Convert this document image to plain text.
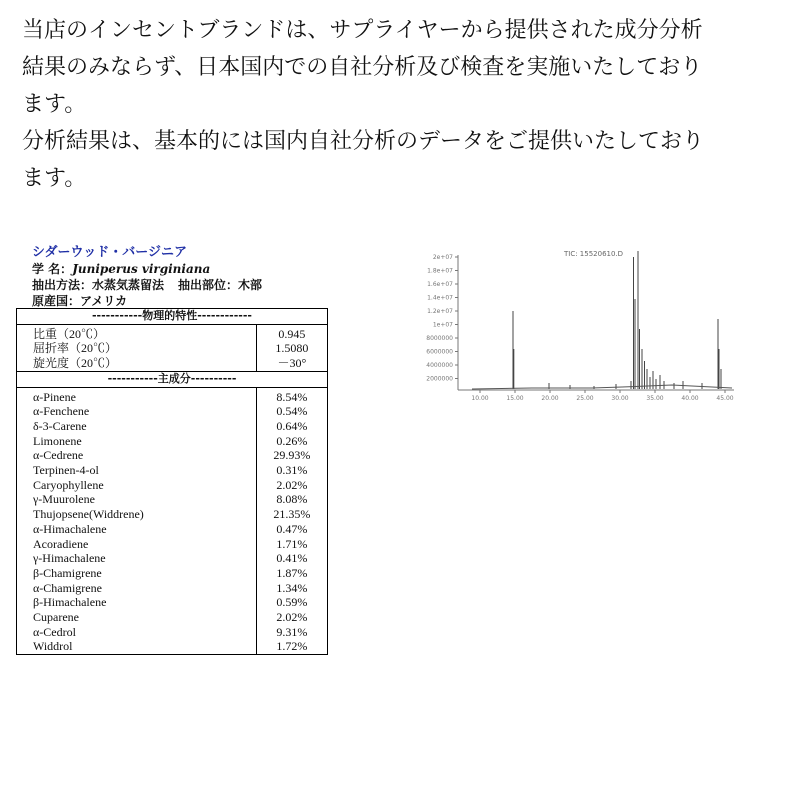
当店のインセントブランドは、サプライヤーから提供された成分分析
結果のみならず、日本国内での自社分析及び検査を実施いたしており
ます。

分析結果は、基本的には国内自社分析のデータをご提供いたしており
ます。

シダーウッド・バージニア
学 名： Juniperus virginiana
抽出方法： 水蒸気蒸留法 抽出部位： 木部
原産国： アメリカ
-----------物理的特性------------	
比重（20℃）	0.945
屈折率（20℃）	1.5080
旋光度（20℃）	－30°
-----------主成分----------	
α-Pinene	8.54%
α-Fenchene	0.54%
δ-3-Carene	0.64%
Limonene	0.26%
α-Cedrene	29.93%
Terpinen-4-ol	0.31%
Caryophyllene	2.02%
γ-Muurolene	8.08%
Thujopsene(Widdrene)	21.35%
α-Himachalene	0.47%
Acoradiene	1.71%
γ-Himachalene	0.41%
β-Chamigrene	1.87%
α-Chamigrene	1.34%
β-Himachalene	0.59%
Cuparene	2.02%
α-Cedrol	9.31%
Widdrol	1.72%
TIC: 15520610.D
2e+07
1.8e+07
1.6e+07
1.4e+07
1.2e+07
1e+07
8000000
6000000
4000000
2000000
10.00	15.00	20.00	25.00	30.00	35.00	40.00	45.00
